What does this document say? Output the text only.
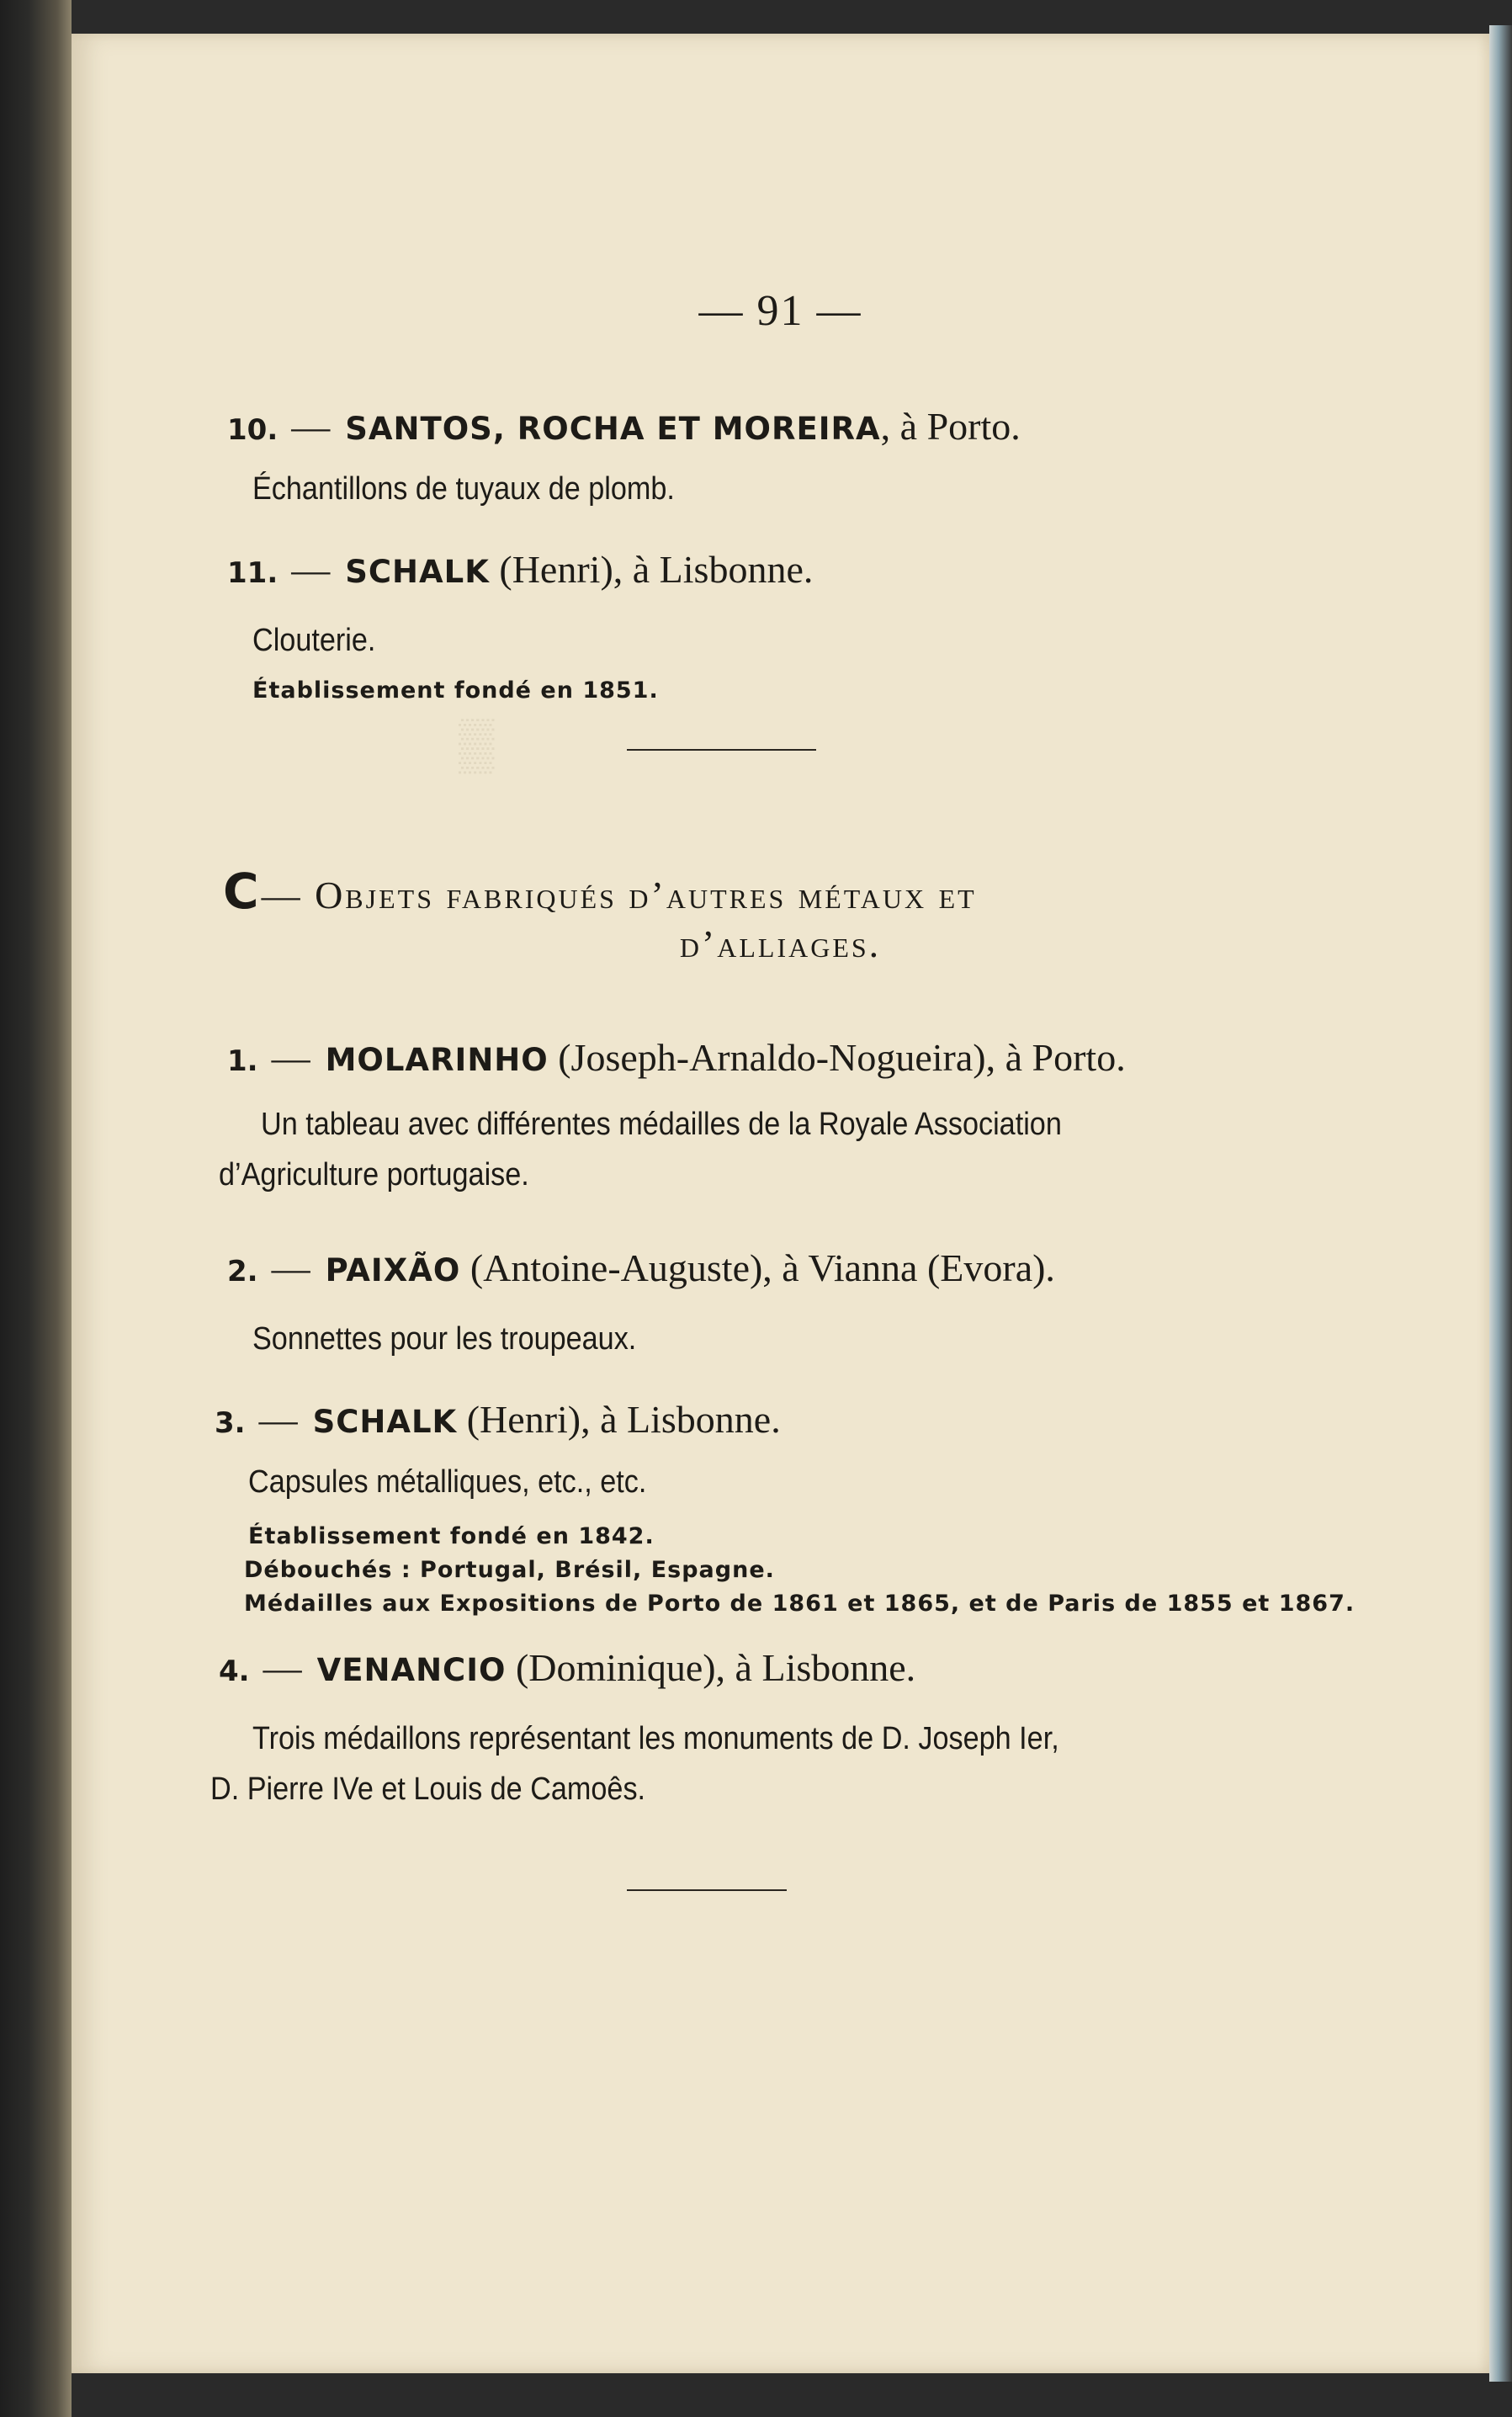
▒
— 91 —
10. — SANTOS, ROCHA ET MOREIRA, à Porto.
Échantillons de tuyaux de plomb.
11. — SCHALK (Henri), à Lisbonne.
Clouterie.
Établissement fondé en 1851.
C— Objets fabriqués d’autres métaux et
d’alliages.
1. — MOLARINHO (Joseph-Arnaldo-Nogueira), à Porto.
Un tableau avec différentes médailles de la Royale Association
d’Agriculture portugaise.
2. — PAIXÃO (Antoine-Auguste), à Vianna (Evora).
Sonnettes pour les troupeaux.
3. — SCHALK (Henri), à Lisbonne.
Capsules métalliques, etc., etc.
Établissement fondé en 1842.
Débouchés : Portugal, Brésil, Espagne.
Médailles aux Expositions de Porto de 1861 et 1865, et de Paris de 1855 et 1867.
4. — VENANCIO (Dominique), à Lisbonne.
Trois médaillons représentant les monuments de D. Joseph Ier,
D. Pierre IVe et Louis de Camoês.
